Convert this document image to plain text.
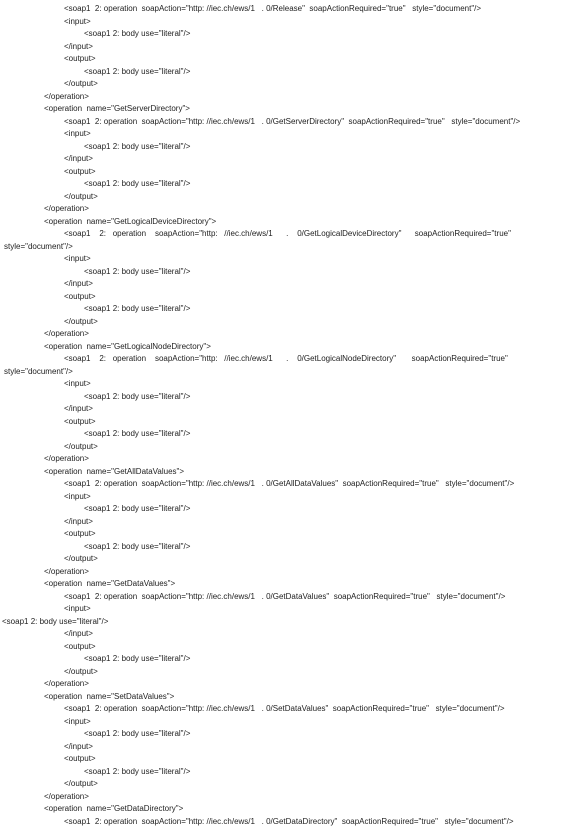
<soap1  2: operation  soapAction="http: //iec.ch/ews/1   . 0/Release"  soapActionRequired="true"   style="document"/>
<input>
<soap1 2: body use="literal"/>
</input>
<output>
<soap1 2: body use="literal"/>
</output>
</operation>
<operation  name="GetServerDirectory">
<soap1  2: operation  soapAction="http: //iec.ch/ews/1   . 0/GetServerDirectory"  soapActionRequired="true"   style="document"/>
<input>
<soap1 2: body use="literal"/>
</input>
<output>
<soap1 2: body use="literal"/>
</output>
</operation>
<operation  name="GetLogicalDeviceDirectory">
<soap1    2:   operation    soapAction="http:   //iec.ch/ews/1      .    0/GetLogicalDeviceDirectory"      soapActionRequired="true"
style="document"/>
<input>
<soap1 2: body use="literal"/>
</input>
<output>
<soap1 2: body use="literal"/>
</output>
</operation>
<operation  name="GetLogicalNodeDirectory">
<soap1    2:   operation    soapAction="http:   //iec.ch/ews/1      .    0/GetLogicalNodeDirectory"       soapActionRequired="true"
style="document"/>
<input>
<soap1 2: body use="literal"/>
</input>
<output>
<soap1 2: body use="literal"/>
</output>
</operation>
<operation  name="GetAllDataValues">
<soap1  2: operation  soapAction="http: //iec.ch/ews/1   . 0/GetAllDataValues"  soapActionRequired="true"   style="document"/>
<input>
<soap1 2: body use="literal"/>
</input>
<output>
<soap1 2: body use="literal"/>
</output>
</operation>
<operation  name="GetDataValues">
<soap1  2: operation  soapAction="http: //iec.ch/ews/1   . 0/GetDataValues"  soapActionRequired="true"   style="document"/>
<input>
<soap1 2: body use="literal"/>
</input>
<output>
<soap1 2: body use="literal"/>
</output>
</operation>
<operation  name="SetDataValues">
<soap1  2: operation  soapAction="http: //iec.ch/ews/1   . 0/SetDataValues"  soapActionRequired="true"   style="document"/>
<input>
<soap1 2: body use="literal"/>
</input>
<output>
<soap1 2: body use="literal"/>
</output>
</operation>
<operation  name="GetDataDirectory">
<soap1  2: operation  soapAction="http: //iec.ch/ews/1   . 0/GetDataDirectory"  soapActionRequired="true"   style="document"/>
